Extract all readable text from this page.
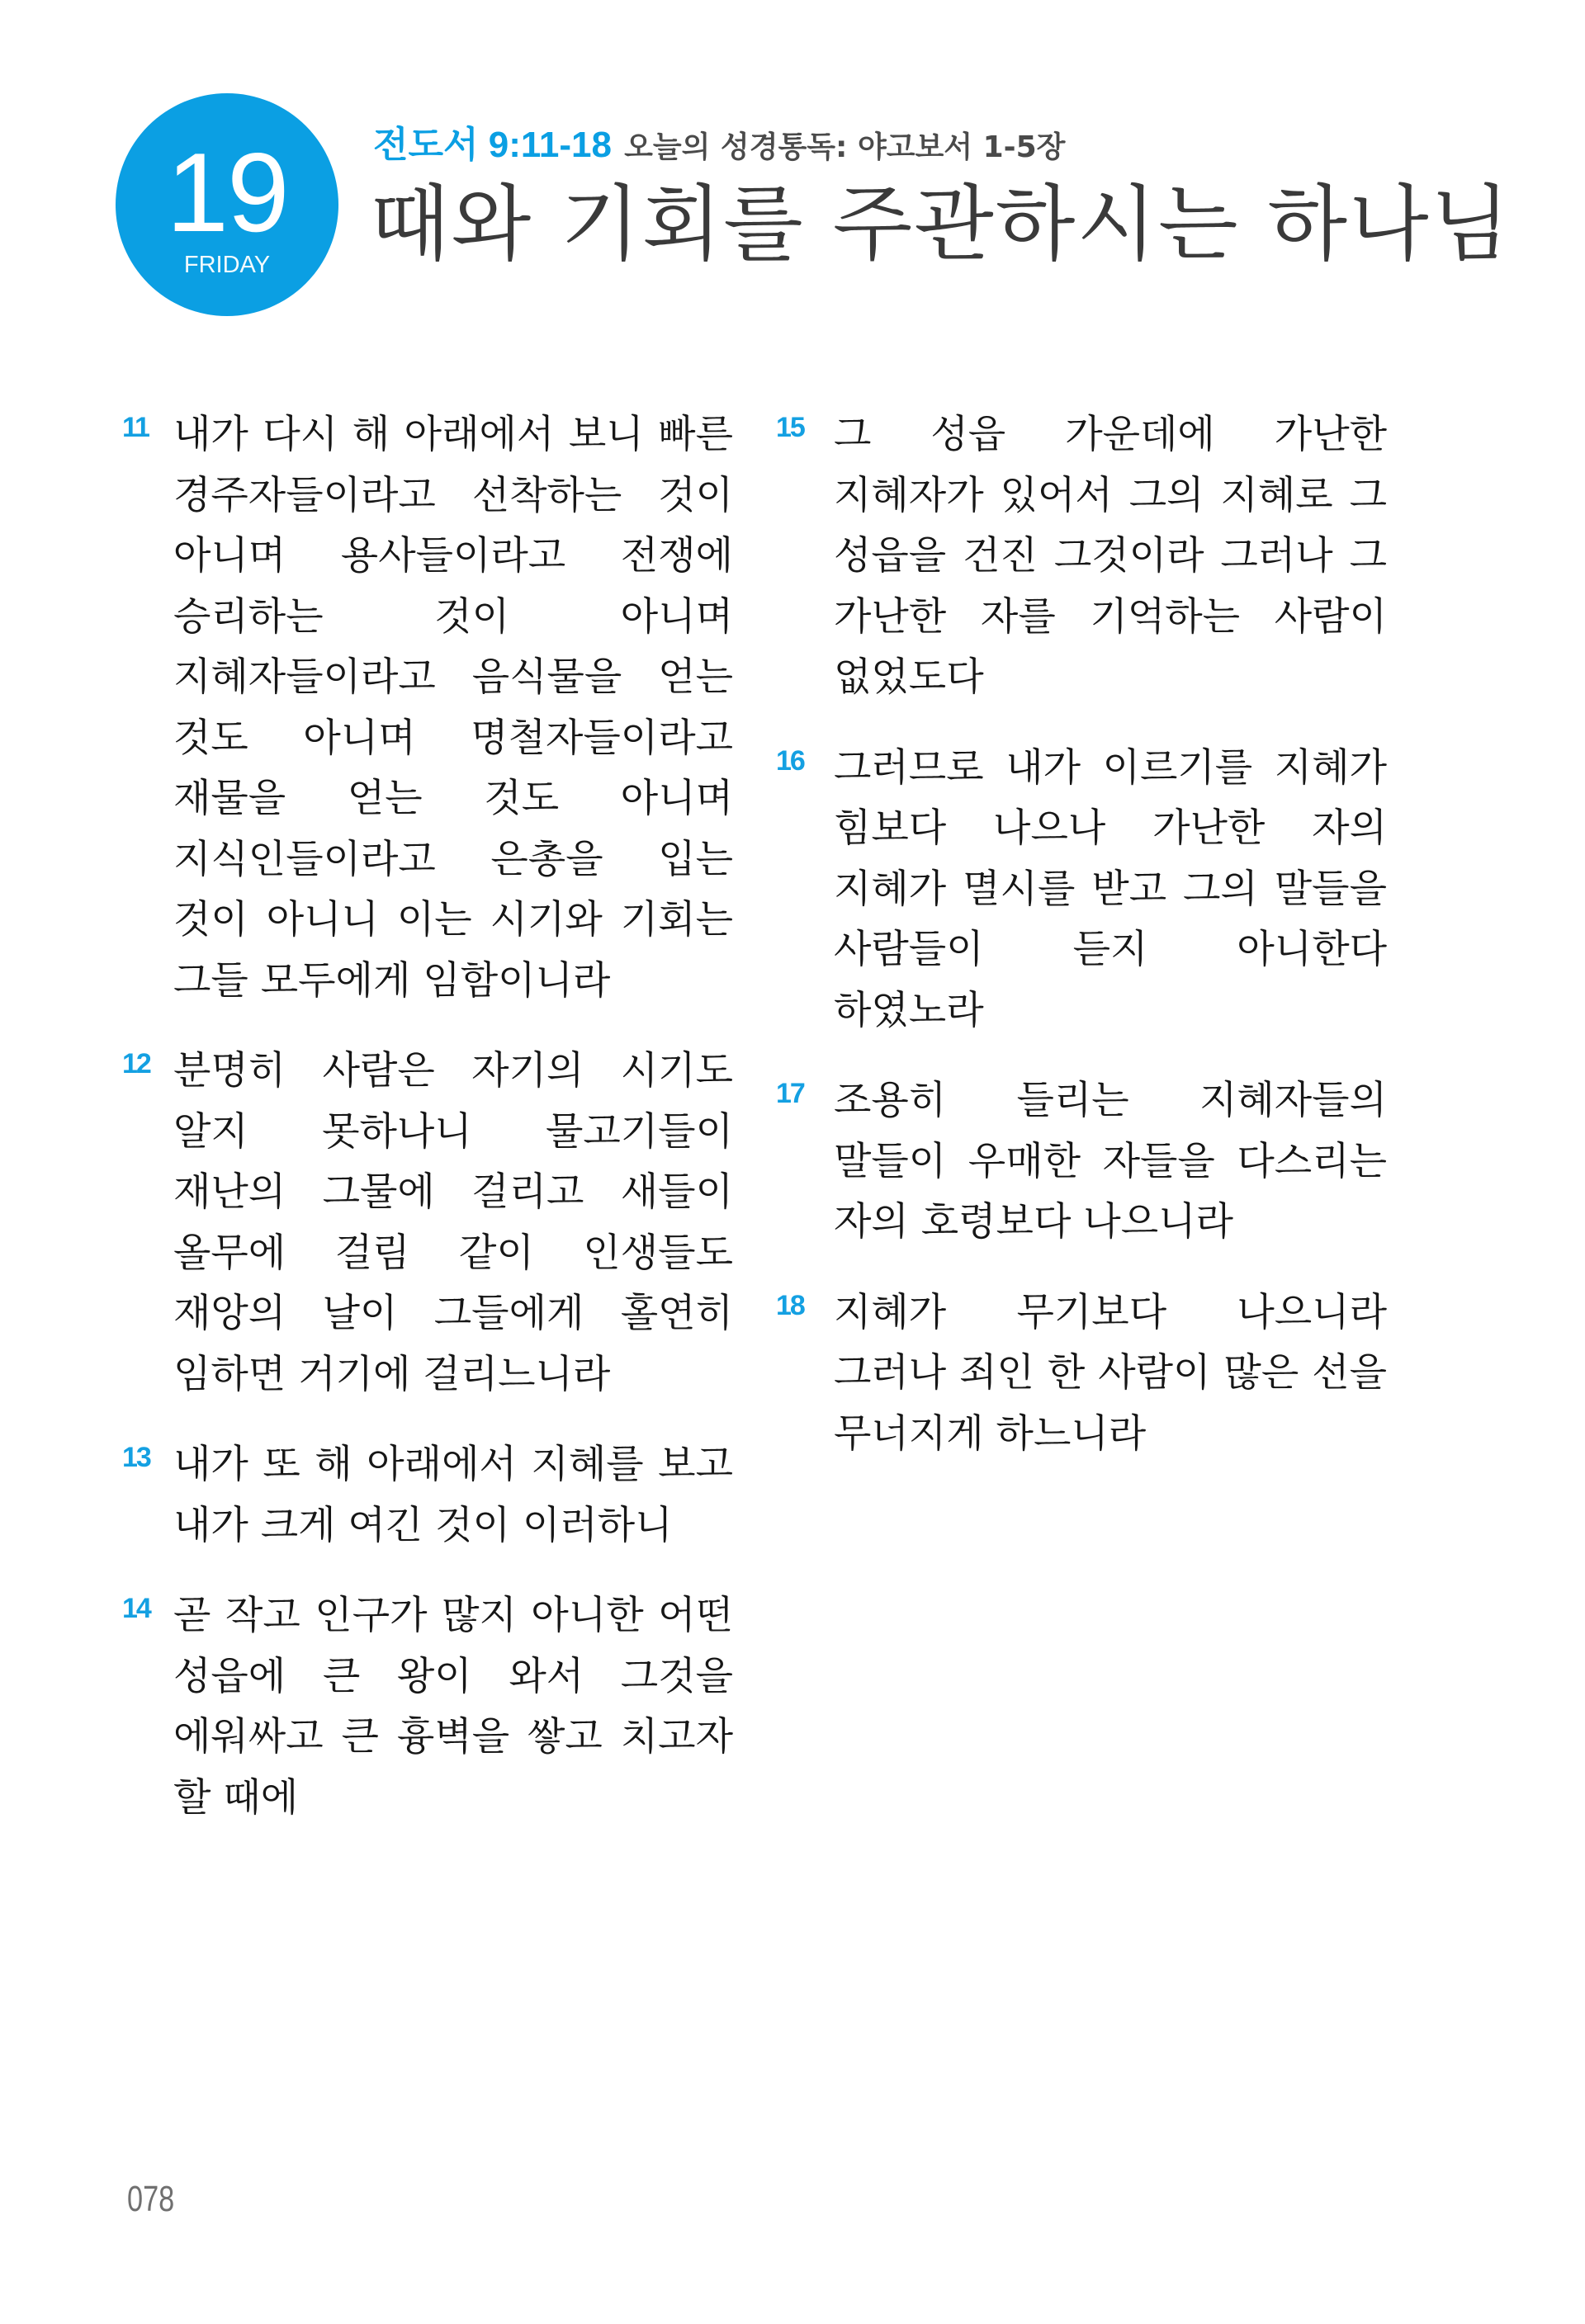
19
FRIDAY
전도서 9:11-18 오늘의 성경통독: 야고보서 1-5장
때와 기회를 주관하시는 하나님
11 내가 다시 해 아래에서 보니 빠른 경주자들이라고 선착하는 것이 아니며 용사들이라고 전쟁에 승리하는 것이 아니며 지혜자들이라고 음식물을 얻는 것도 아니며 명철자들이라고 재물을 얻는 것도 아니며 지식인들이라고 은총을 입는 것이 아니니 이는 시기와 기회는 그들 모두에게 임함이니라
12 분명히 사람은 자기의 시기도 알지 못하나니 물고기들이 재난의 그물에 걸리고 새들이 올무에 걸림 같이 인생들도 재앙의 날이 그들에게 홀연히 임하면 거기에 걸리느니라
13 내가 또 해 아래에서 지혜를 보고 내가 크게 여긴 것이 이러하니
14 곧 작고 인구가 많지 아니한 어떤 성읍에 큰 왕이 와서 그것을 에워싸고 큰 흉벽을 쌓고 치고자 할 때에
15 그 성읍 가운데에 가난한 지혜자가 있어서 그의 지혜로 그 성읍을 건진 그것이라 그러나 그 가난한 자를 기억하는 사람이 없었도다
16 그러므로 내가 이르기를 지혜가 힘보다 나으나 가난한 자의 지혜가 멸시를 받고 그의 말들을 사람들이 듣지 아니한다 하였노라
17 조용히 들리는 지혜자들의 말들이 우매한 자들을 다스리는 자의 호령보다 나으니라
18 지혜가 무기보다 나으니라 그러나 죄인 한 사람이 많은 선을 무너지게 하느니라
078
